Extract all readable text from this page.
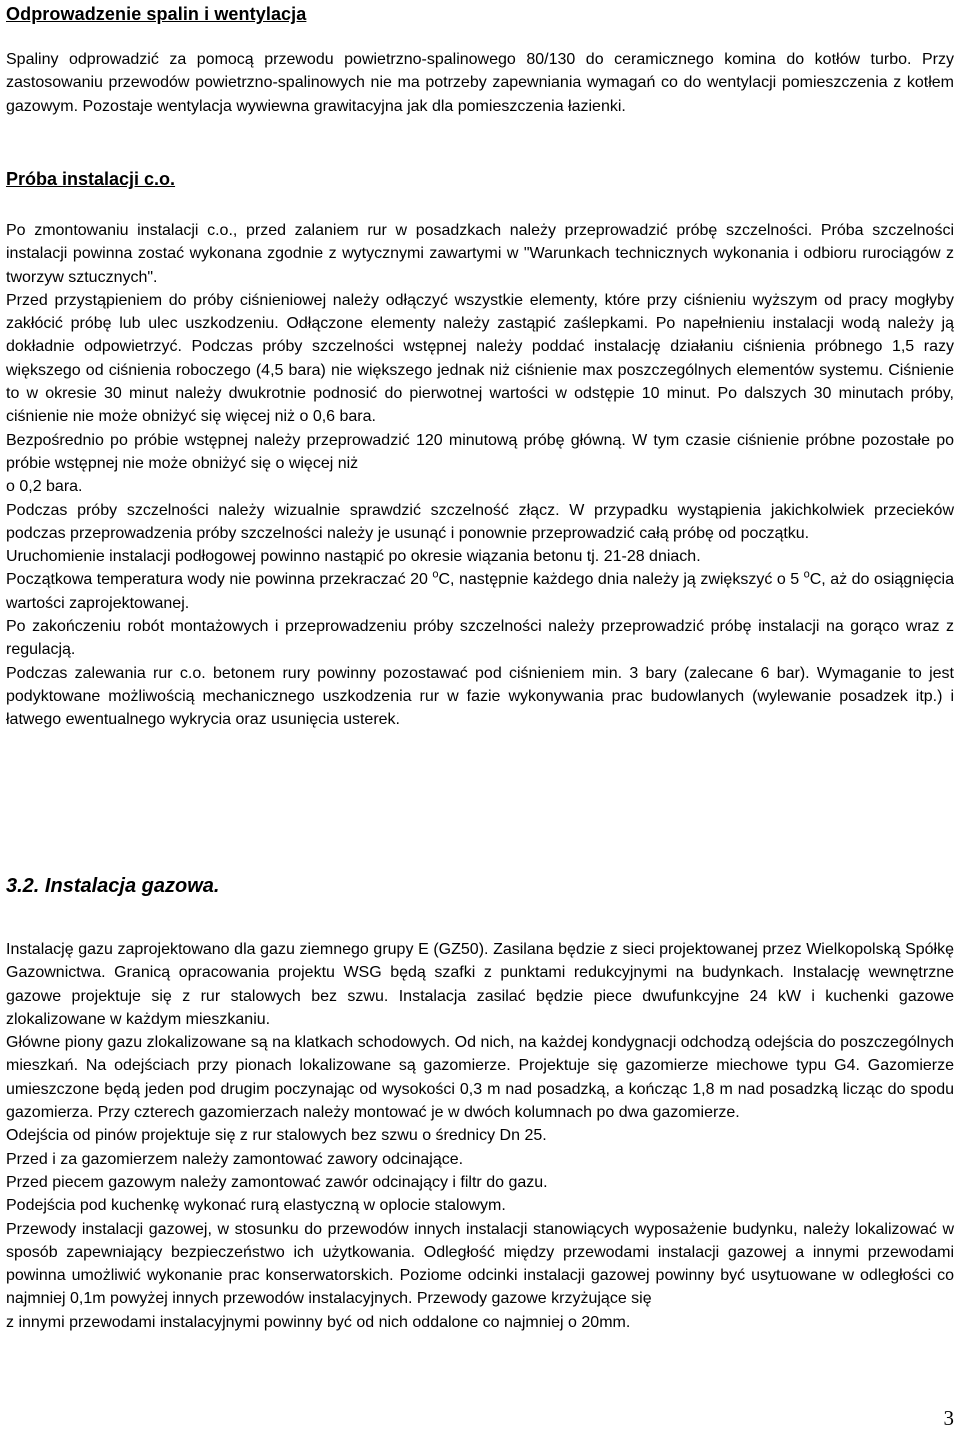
Odprowadzenie spalin i wentylacja

Spaliny odprowadzić za pomocą przewodu powietrzno-spalinowego 80/130 do ceramicznego komina do kotłów turbo. Przy zastosowaniu przewodów powietrzno-spalinowych nie ma potrzeby zapewniania wymagań co do wentylacji pomieszczenia z kotłem gazowym. Pozostaje wentylacja wywiewna grawitacyjna jak dla pomieszczenia łazienki.

Próba instalacji c.o.

Po zmontowaniu instalacji c.o., przed zalaniem rur w posadzkach należy przeprowadzić próbę szczelności. Próba szczelności instalacji powinna zostać wykonana zgodnie z wytycznymi zawartymi w "Warunkach technicznych wykonania i odbioru rurociągów z tworzyw sztucznych".

Przed przystąpieniem do próby ciśnieniowej należy odłączyć wszystkie elementy, które przy ciśnieniu wyższym od pracy mogłyby zakłócić próbę lub ulec uszkodzeniu. Odłączone elementy należy zastąpić zaślepkami. Po napełnieniu instalacji wodą należy ją dokładnie odpowietrzyć. Podczas próby szczelności wstępnej należy poddać instalację działaniu ciśnienia próbnego 1,5 razy większego od ciśnienia roboczego (4,5 bara) nie większego jednak niż ciśnienie max poszczególnych elementów systemu. Ciśnienie to w okresie 30 minut należy dwukrotnie podnosić do pierwotnej wartości w odstępie 10 minut. Po dalszych 30 minutach próby, ciśnienie nie może obniżyć się więcej niż o 0,6 bara.

Bezpośrednio po próbie wstępnej należy przeprowadzić 120 minutową próbę główną. W tym czasie ciśnienie próbne pozostałe po próbie wstępnej nie może obniżyć się o więcej niż

o 0,2 bara.

Podczas próby szczelności należy wizualnie sprawdzić szczelność złącz. W przypadku wystąpienia jakichkolwiek przecieków podczas przeprowadzenia próby szczelności należy je usunąć i ponownie przeprowadzić całą próbę od początku.

Uruchomienie instalacji podłogowej powinno nastąpić po okresie wiązania betonu tj. 21-28 dniach.

Początkowa temperatura wody nie powinna przekraczać 20 $^o$C, następnie każdego dnia należy ją zwiększyć o 5 $^o$C, aż do osiągnięcia wartości zaprojektowanej.

Po zakończeniu robót montażowych i przeprowadzeniu próby szczelności należy przeprowadzić próbę instalacji na gorąco wraz z regulacją.

Podczas zalewania rur c.o. betonem rury powinny pozostawać pod ciśnieniem min. 3 bary (zalecane 6 bar). Wymaganie to jest podyktowane możliwością mechanicznego uszkodzenia rur w fazie wykonywania prac budowlanych (wylewanie posadzek itp.) i łatwego ewentualnego wykrycia oraz usunięcia usterek.

3.2. Instalacja gazowa.

Instalację gazu zaprojektowano dla gazu ziemnego grupy E (GZ50). Zasilana będzie z sieci projektowanej przez Wielkopolską Spółkę Gazownictwa. Granicą opracowania projektu WSG będą szafki z punktami redukcyjnymi na budynkach. Instalację wewnętrzne gazowe projektuje się z rur stalowych bez szwu. Instalacja zasilać będzie piece dwufunkcyjne 24 kW i kuchenki gazowe zlokalizowane w każdym mieszkaniu.

Główne piony gazu zlokalizowane są na klatkach schodowych. Od nich, na każdej kondygnacji odchodzą odejścia do poszczególnych mieszkań. Na odejściach przy pionach lokalizowane są gazomierze. Projektuje się gazomierze miechowe typu G4. Gazomierze umieszczone będą jeden pod drugim poczynając od wysokości 0,3 m nad posadzką, a kończąc 1,8 m nad posadzką licząc do spodu gazomierza. Przy czterech gazomierzach należy montować je w dwóch kolumnach po dwa gazomierze.

Odejścia od pinów projektuje się z rur stalowych bez szwu o średnicy Dn 25.

Przed i za gazomierzem należy zamontować zawory odcinające.

Przed piecem gazowym należy zamontować zawór odcinający i filtr do gazu.

Podejścia pod kuchenkę wykonać rurą elastyczną w oplocie stalowym.

Przewody instalacji gazowej, w stosunku do przewodów innych instalacji stanowiących wyposażenie budynku, należy lokalizować w sposób zapewniający bezpieczeństwo ich użytkowania. Odległość między przewodami instalacji gazowej a innymi przewodami powinna umożliwić wykonanie prac konserwatorskich. Poziome odcinki instalacji gazowej powinny być usytuowane w odległości co najmniej 0,1m powyżej innych przewodów instalacyjnych. Przewody gazowe krzyżujące się

z innymi przewodami instalacyjnymi powinny być od nich oddalone co najmniej o 20mm.

3
